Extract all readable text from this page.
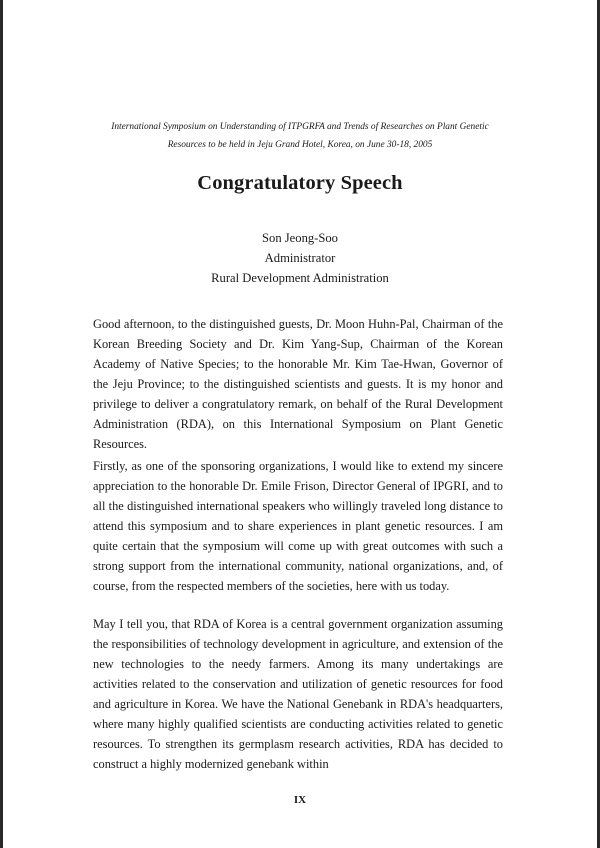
International Symposium on Understanding of ITPGRFA and Trends of Researches on Plant Genetic
Resources to be held in Jeju Grand Hotel, Korea, on June 30-18, 2005
Congratulatory Speech
Son Jeong-Soo
Administrator
Rural Development Administration

Good afternoon, to the distinguished guests, Dr. Moon Huhn-Pal, Chairman of the Korean Breeding Society and Dr. Kim Yang-Sup, Chairman of the Korean Academy of Native Species; to the honorable Mr. Kim Tae-Hwan, Governor of the Jeju Province; to the distinguished scientists and guests. It is my honor and privilege to deliver a congratulatory remark, on behalf of the Rural Development Administration (RDA), on this International Symposium on Plant Genetic Resources.

Firstly, as one of the sponsoring organizations, I would like to extend my sincere appreciation to the honorable Dr. Emile Frison, Director General of IPGRI, and to all the distinguished international speakers who willingly traveled long distance to attend this symposium and to share experiences in plant genetic resources. I am quite certain that the symposium will come up with great outcomes with such a strong support from the international community, national organizations, and, of course, from the respected members of the societies, here with us today.

May I tell you, that RDA of Korea is a central government organization assuming the responsibilities of technology development in agriculture, and extension of the new technologies to the needy farmers. Among its many undertakings are activities related to the conservation and utilization of genetic resources for food and agriculture in Korea. We have the National Genebank in RDA's headquarters, where many highly qualified scientists are conducting activities related to genetic resources. To strengthen its germplasm research activities, RDA has decided to construct a highly modernized genebank within

IX
